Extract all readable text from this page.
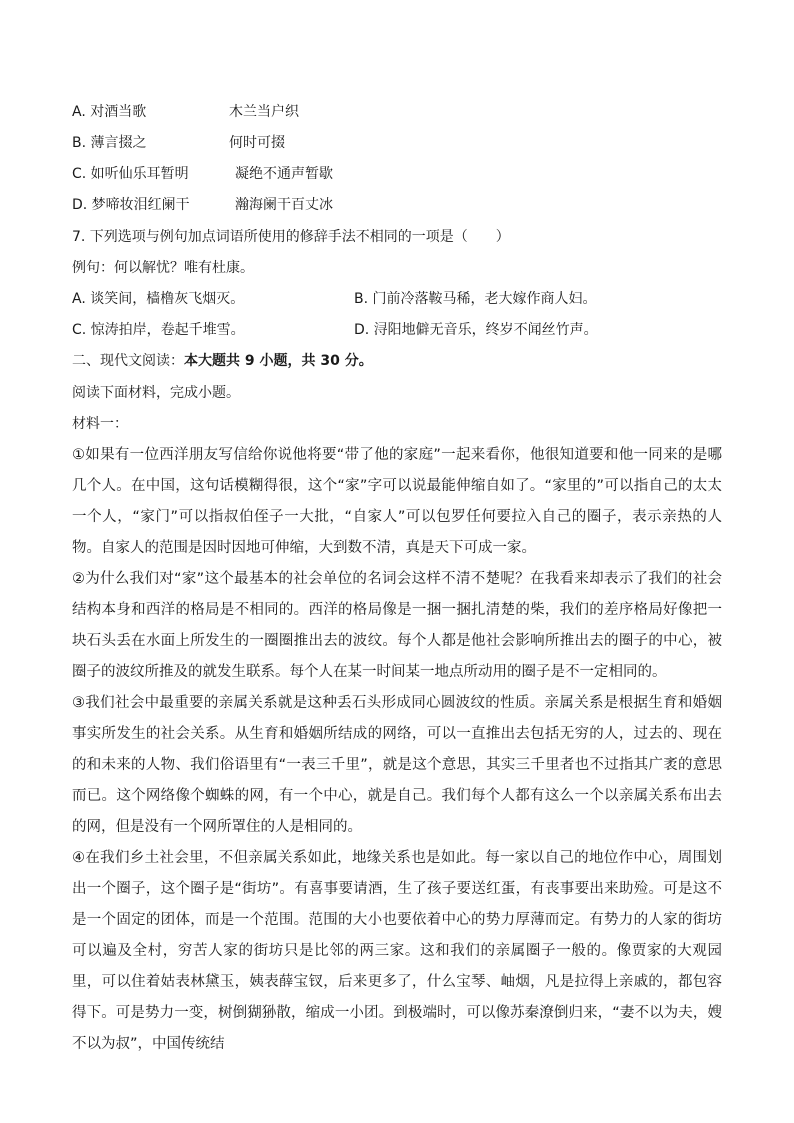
A. 对酒当歌	木兰当户织
B. 薄言掇之	何时可掇
C. 如听仙乐耳暂明	凝绝不通声暂歇
D. 梦啼妆泪红阑干	瀚海阑干百丈冰
7. 下列选项与例句加点词语所使用的修辞手法不相同的一项是（　　）
例句：何以解忧？唯有杜康。
A. 谈笑间，樯橹灰飞烟灭。	B. 门前冷落鞍马稀，老大嫁作商人妇。
C. 惊涛拍岸，卷起千堆雪。	D. 浔阳地僻无音乐，终岁不闻丝竹声。
二、现代文阅读：本大题共 9 小题，共 30 分。
阅读下面材料，完成小题。
材料一：
①如果有一位西洋朋友写信给你说他将要“带了他的家庭”一起来看你，他很知道要和他一同来的是哪几个人。在中国，这句话模糊得很，这个“家”字可以说最能伸缩自如了。“家里的”可以指自己的太太一个人，“家门”可以指叔伯侄子一大批，“自家人”可以包罗任何要拉入自己的圈子，表示亲热的人物。自家人的范围是因时因地可伸缩，大到数不清，真是天下可成一家。
②为什么我们对“家”这个最基本的社会单位的名词会这样不清不楚呢？在我看来却表示了我们的社会结构本身和西洋的格局是不相同的。西洋的格局像是一捆一捆扎清楚的柴，我们的差序格局好像把一块石头丢在水面上所发生的一圈圈推出去的波纹。每个人都是他社会影响所推出去的圈子的中心，被圈子的波纹所推及的就发生联系。每个人在某一时间某一地点所动用的圈子是不一定相同的。
③我们社会中最重要的亲属关系就是这种丢石头形成同心圆波纹的性质。亲属关系是根据生育和婚姻事实所发生的社会关系。从生育和婚姻所结成的网络，可以一直推出去包括无穷的人，过去的、现在的和未来的人物、我们俗语里有“一表三千里”，就是这个意思，其实三千里者也不过指其广袤的意思而已。这个网络像个蜘蛛的网，有一个中心，就是自己。我们每个人都有这么一个以亲属关系布出去的网，但是没有一个网所罩住的人是相同的。
④在我们乡土社会里，不但亲属关系如此，地缘关系也是如此。每一家以自己的地位作中心，周围划出一个圈子，这个圈子是“街坊”。有喜事要请酒，生了孩子要送红蛋，有丧事要出来助殓。可是这不是一个固定的团体，而是一个范围。范围的大小也要依着中心的势力厚薄而定。有势力的人家的街坊可以遍及全村，穷苦人家的街坊只是比邻的两三家。这和我们的亲属圈子一般的。像贾家的大观园里，可以住着姑表林黛玉，姨表薛宝钗，后来更多了，什么宝琴、岫烟，凡是拉得上亲戚的，都包容得下。可是势力一变，树倒猢狲散，缩成一小团。到极端时，可以像苏秦潦倒归来，“妻不以为夫，嫂不以为叔”，中国传统结
